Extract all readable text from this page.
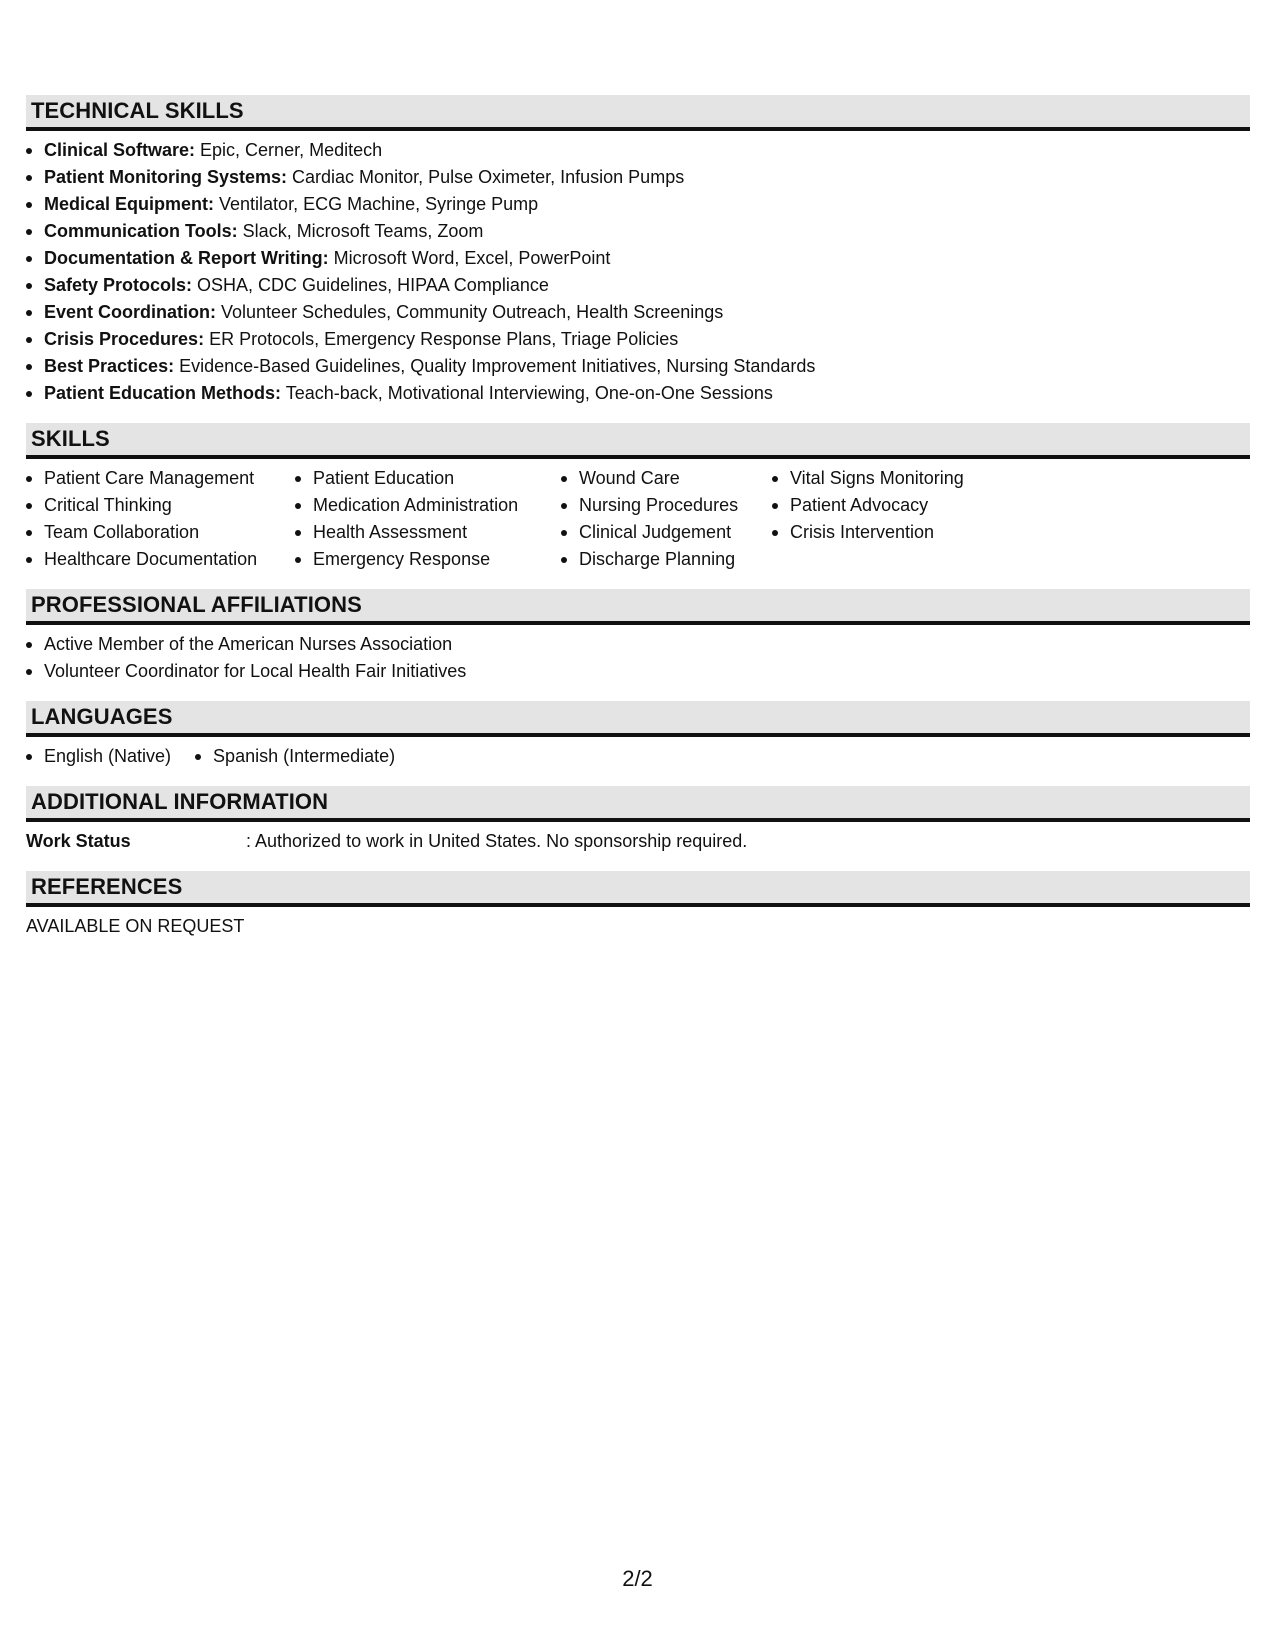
TECHNICAL SKILLS
Clinical Software: Epic, Cerner, Meditech
Patient Monitoring Systems: Cardiac Monitor, Pulse Oximeter, Infusion Pumps
Medical Equipment: Ventilator, ECG Machine, Syringe Pump
Communication Tools: Slack, Microsoft Teams, Zoom
Documentation & Report Writing: Microsoft Word, Excel, PowerPoint
Safety Protocols: OSHA, CDC Guidelines, HIPAA Compliance
Event Coordination: Volunteer Schedules, Community Outreach, Health Screenings
Crisis Procedures: ER Protocols, Emergency Response Plans, Triage Policies
Best Practices: Evidence-Based Guidelines, Quality Improvement Initiatives, Nursing Standards
Patient Education Methods: Teach-back, Motivational Interviewing, One-on-One Sessions
SKILLS
Patient Care Management
Critical Thinking
Team Collaboration
Healthcare Documentation
Patient Education
Medication Administration
Health Assessment
Emergency Response
Wound Care
Nursing Procedures
Clinical Judgement
Discharge Planning
Vital Signs Monitoring
Patient Advocacy
Crisis Intervention
PROFESSIONAL AFFILIATIONS
Active Member of the American Nurses Association
Volunteer Coordinator for Local Health Fair Initiatives
LANGUAGES
English (Native)	Spanish (Intermediate)
ADDITIONAL INFORMATION
Work Status	: Authorized to work in United States. No sponsorship required.
REFERENCES
AVAILABLE ON REQUEST
2/2
